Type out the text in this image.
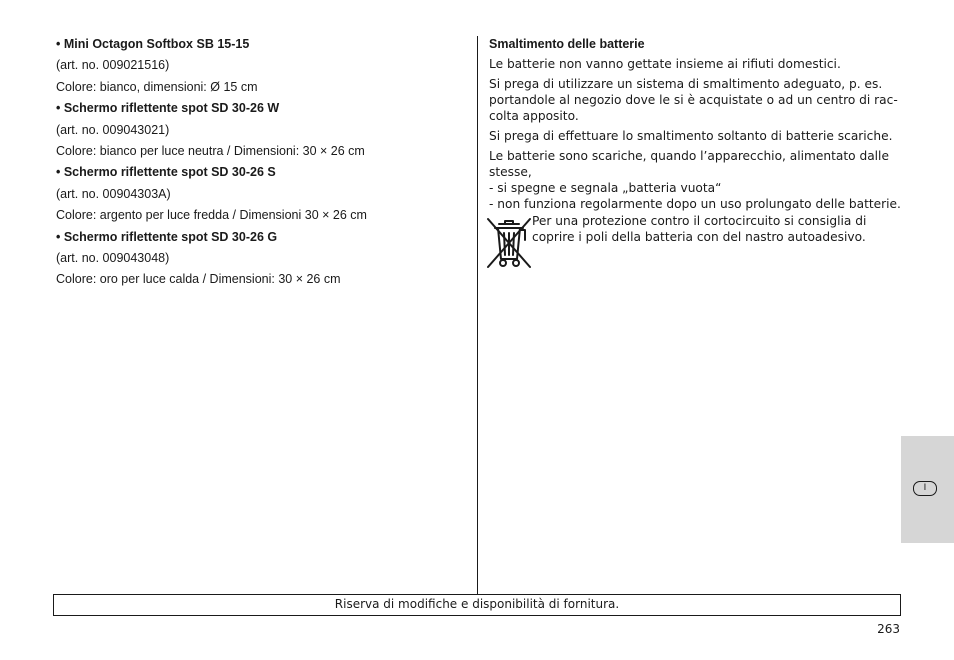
• Mini Octagon Softbox SB 15-15
(art. no. 009021516)
Colore: bianco, dimensioni: Ø 15 cm
• Schermo riflettente spot SD 30-26 W
(art. no. 009043021)
Colore: bianco per luce neutra / Dimensioni: 30 × 26 cm
• Schermo riflettente spot SD 30-26 S
(art. no. 00904303A)
Colore: argento per luce fredda / Dimensioni 30 × 26 cm
• Schermo riflettente spot SD 30-26 G
(art. no. 009043048)
Colore: oro per luce calda / Dimensioni: 30 × 26 cm
Smaltimento delle batterie

Le batterie non vanno gettate insieme ai rifiuti domestici.

Si prega di utilizzare un sistema di smaltimento adeguato, p. es.

portandole al negozio dove le si è acquistate o ad un centro di rac-

colta apposito.

Si prega di effettuare lo smaltimento soltanto di batterie scariche.

Le batterie sono scariche, quando l’apparecchio, alimentato dalle

stesse,

- si spegne e segnala „batteria vuota“

- non funziona regolarmente dopo un uso prolungato delle batterie.

Per una protezione contro il cortocircuito si consiglia di

coprire i poli della batteria con del nastro autoadesivo.

I
Riserva di modifiche e disponibilità di fornitura.
263
